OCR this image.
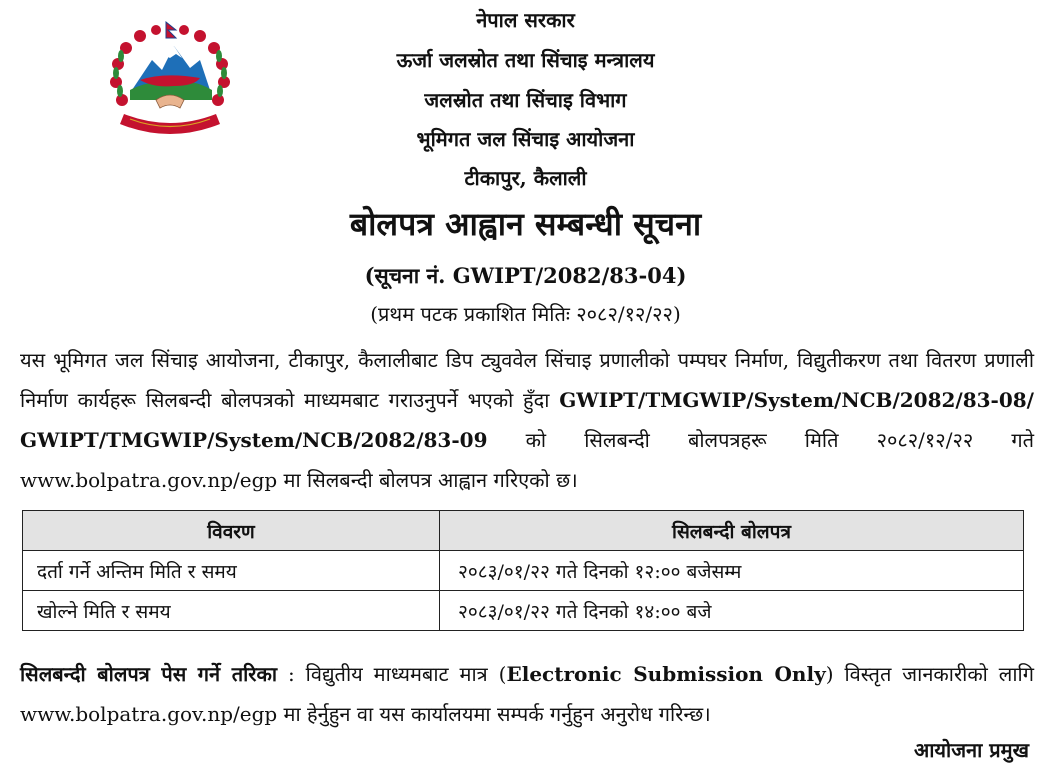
नेपाल सरकार
ऊर्जा जलस्रोत तथा सिंचाइ मन्त्रालय
जलस्रोत तथा सिंचाइ विभाग
भूमिगत जल सिंचाइ आयोजना
टीकापुर, कैलाली
बोलपत्र आह्वान सम्बन्धी सूचना
(सूचना नं. GWIPT/2082/83-04)
(प्रथम पटक प्रकाशित मितिः २०८२/१२/२२)
यस भूमिगत जल सिंचाइ आयोजना, टीकापुर, कैलालीबाट डिप ट्युववेल सिंचाइ प्रणालीको पम्पघर निर्माण, विद्युतीकरण तथा वितरण प्रणाली निर्माण कार्यहरू सिलबन्दी बोलपत्रको माध्यमबाट गराउनुपर्ने भएको हुँदा GWIPT/TMGWIP/System/NCB/2082/83-08/ GWIPT/TMGWIP/System/NCB/2082/83-09 को सिलबन्दी बोलपत्रहरू मिति २०८२/१२/२२ गते www.bolpatra.gov.np/egp मा सिलबन्दी बोलपत्र आह्वान गरिएको छ।
विवरण	सिलबन्दी बोलपत्र
दर्ता गर्ने अन्तिम मिति र समय	२०८३/०१/२२ गते दिनको १२:०० बजेसम्म
खोल्ने मिति र समय	२०८३/०१/२२ गते दिनको १४:०० बजे
सिलबन्दी बोलपत्र पेस गर्ने तरिका : विद्युतीय माध्यमबाट मात्र (Electronic Submission Only) विस्तृत जानकारीको लागि www.bolpatra.gov.np/egp मा हेर्नुहुन वा यस कार्यालयमा सम्पर्क गर्नुहुन अनुरोध गरिन्छ।
आयोजना प्रमुख
